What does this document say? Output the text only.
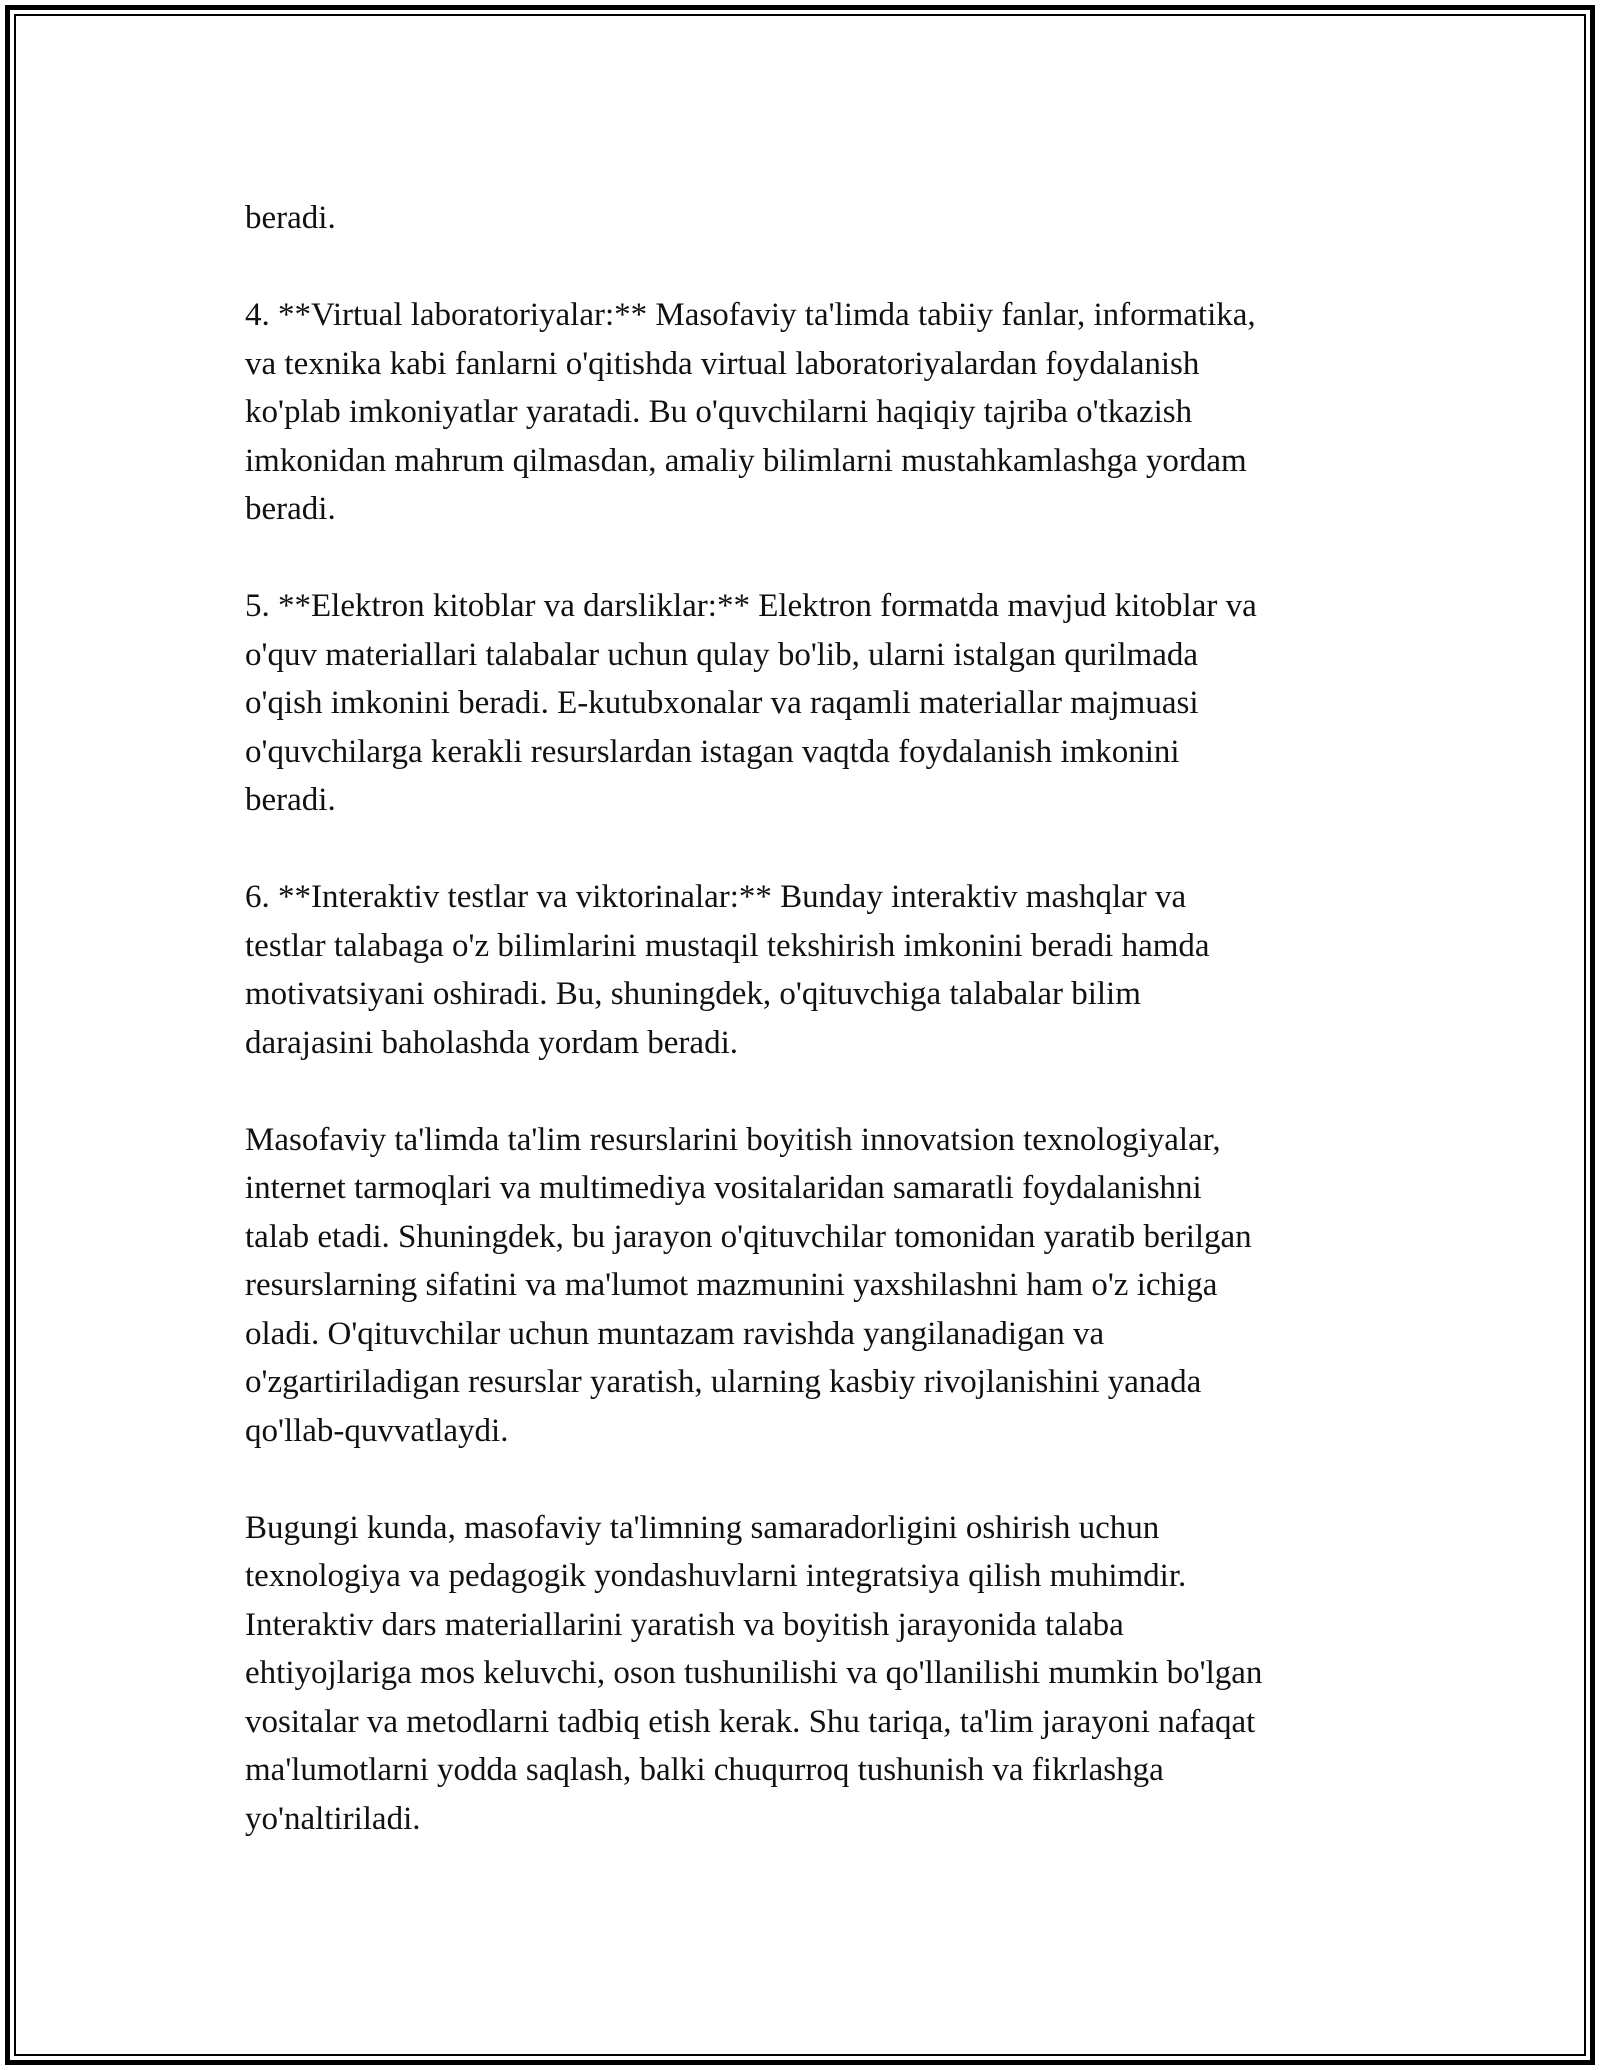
beradi.

4. **Virtual laboratoriyalar:** Masofaviy ta'limda tabiiy fanlar, informatika,
va texnika kabi fanlarni o'qitishda virtual laboratoriyalardan foydalanish
ko'plab imkoniyatlar yaratadi. Bu o'quvchilarni haqiqiy tajriba o'tkazish
imkonidan mahrum qilmasdan, amaliy bilimlarni mustahkamlashga yordam
beradi.

5. **Elektron kitoblar va darsliklar:** Elektron formatda mavjud kitoblar va
o'quv materiallari talabalar uchun qulay bo'lib, ularni istalgan qurilmada
o'qish imkonini beradi. E-kutubxonalar va raqamli materiallar majmuasi
o'quvchilarga kerakli resurslardan istagan vaqtda foydalanish imkonini
beradi.

6. **Interaktiv testlar va viktorinalar:** Bunday interaktiv mashqlar va
testlar talabaga o'z bilimlarini mustaqil tekshirish imkonini beradi hamda
motivatsiyani oshiradi. Bu, shuningdek, o'qituvchiga talabalar bilim
darajasini baholashda yordam beradi.

Masofaviy ta'limda ta'lim resurslarini boyitish innovatsion texnologiyalar,
internet tarmoqlari va multimediya vositalaridan samaratli foydalanishni
talab etadi. Shuningdek, bu jarayon o'qituvchilar tomonidan yaratib berilgan
resurslarning sifatini va ma'lumot mazmunini yaxshilashni ham o'z ichiga
oladi. O'qituvchilar uchun muntazam ravishda yangilanadigan va
o'zgartiriladigan resurslar yaratish, ularning kasbiy rivojlanishini yanada
qo'llab-quvvatlaydi.

Bugungi kunda, masofaviy ta'limning samaradorligini oshirish uchun
texnologiya va pedagogik yondashuvlarni integratsiya qilish muhimdir.
Interaktiv dars materiallarini yaratish va boyitish jarayonida talaba
ehtiyojlariga mos keluvchi, oson tushunilishi va qo'llanilishi mumkin bo'lgan
vositalar va metodlarni tadbiq etish kerak. Shu tariqa, ta'lim jarayoni nafaqat
ma'lumotlarni yodda saqlash, balki chuqurroq tushunish va fikrlashga
yo'naltiriladi.
